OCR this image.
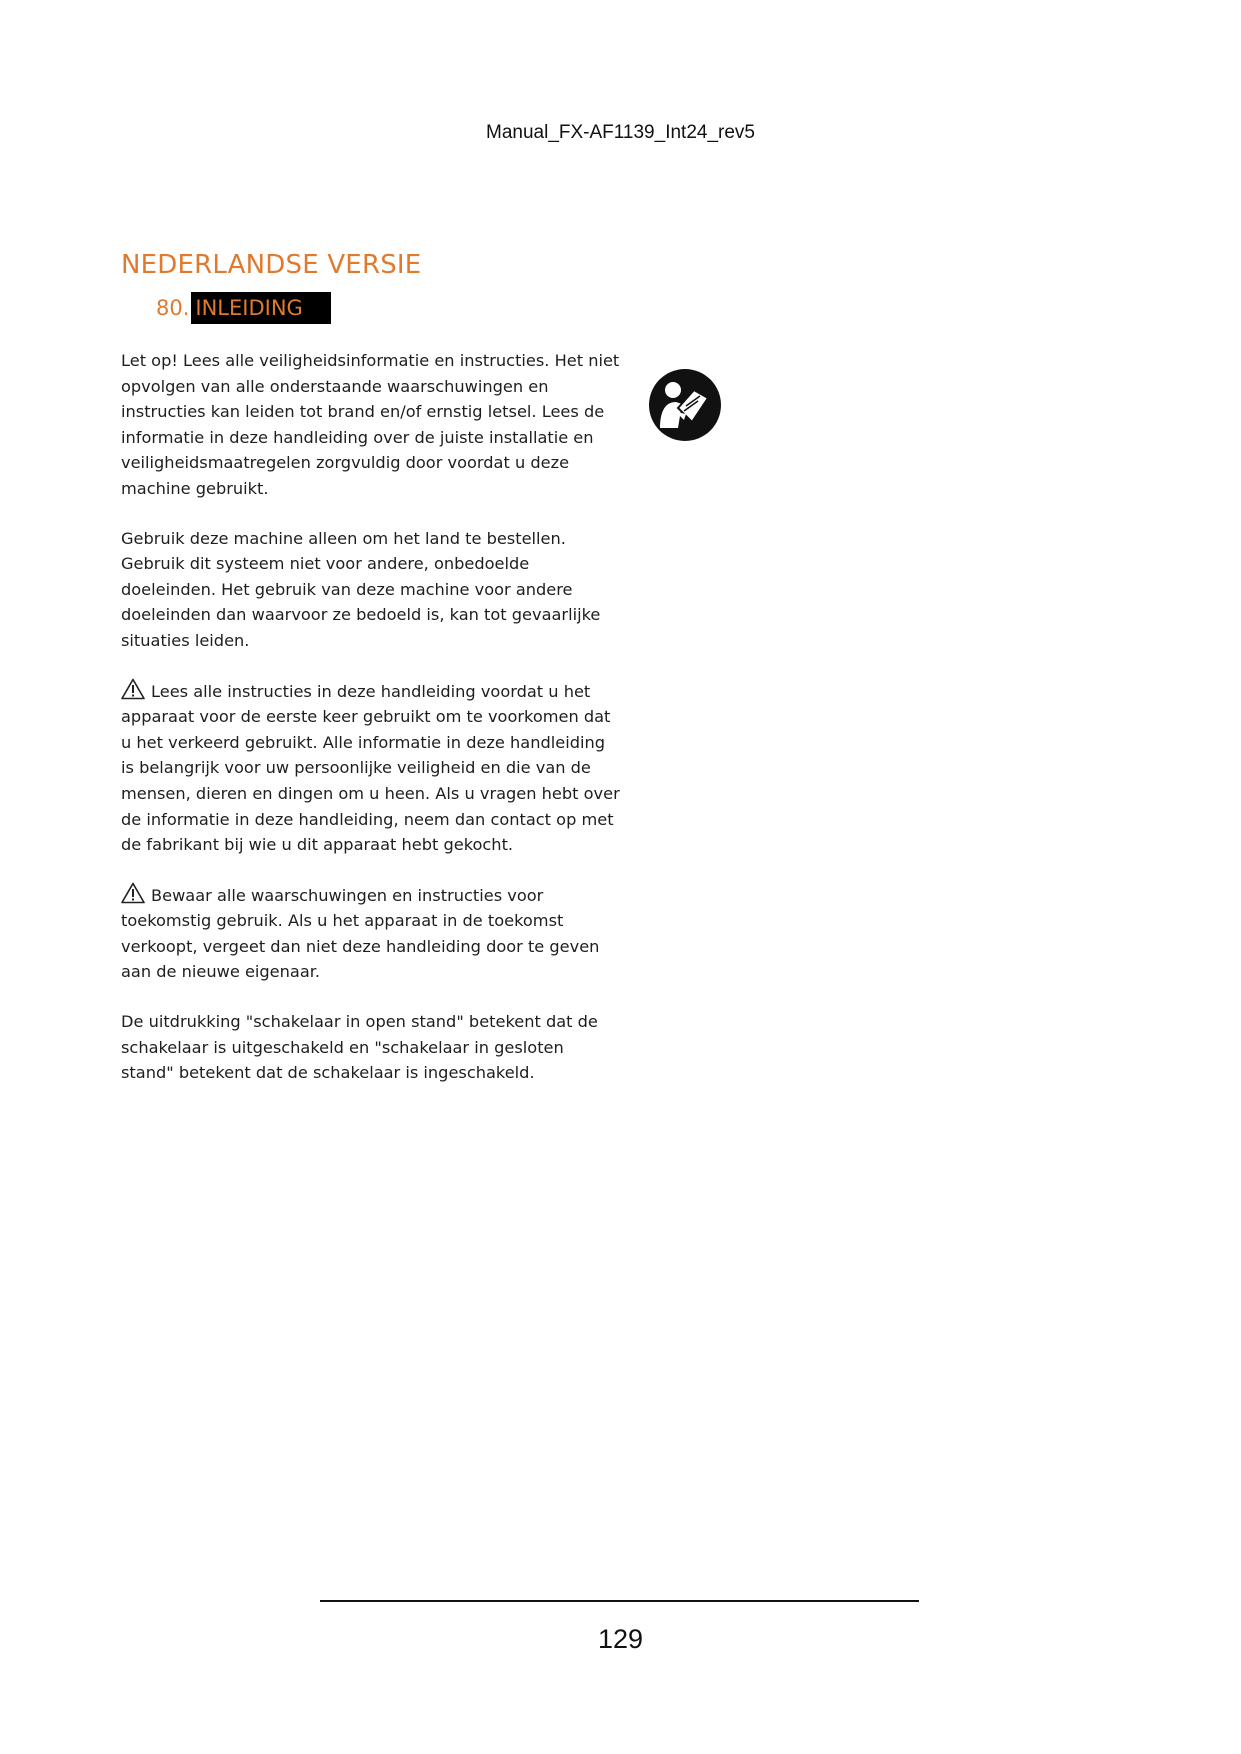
Manual_FX-AF1139_Int24_rev5
NEDERLANDSE VERSIE
80. INLEIDING

Let op! Lees alle veiligheidsinformatie en instructies. Het niet opvolgen van alle onderstaande waarschuwingen en instructies kan leiden tot brand en/of ernstig letsel. Lees de informatie in deze handleiding over de juiste installatie en veiligheidsmaatregelen zorgvuldig door voordat u deze machine gebruikt.

Gebruik deze machine alleen om het land te bestellen. Gebruik dit systeem niet voor andere, onbedoelde doeleinden. Het gebruik van deze machine voor andere doeleinden dan waarvoor ze bedoeld is, kan tot gevaarlijke situaties leiden.

Lees alle instructies in deze handleiding voordat u het apparaat voor de eerste keer gebruikt om te voorkomen dat u het verkeerd gebruikt. Alle informatie in deze handleiding is belangrijk voor uw persoonlijke veiligheid en die van de mensen, dieren en dingen om u heen. Als u vragen hebt over de informatie in deze handleiding, neem dan contact op met de fabrikant bij wie u dit apparaat hebt gekocht.

Bewaar alle waarschuwingen en instructies voor toekomstig gebruik. Als u het apparaat in de toekomst verkoopt, vergeet dan niet deze handleiding door te geven aan de nieuwe eigenaar.

De uitdrukking "schakelaar in open stand" betekent dat de schakelaar is uitgeschakeld en "schakelaar in gesloten stand" betekent dat de schakelaar is ingeschakeld.

129
